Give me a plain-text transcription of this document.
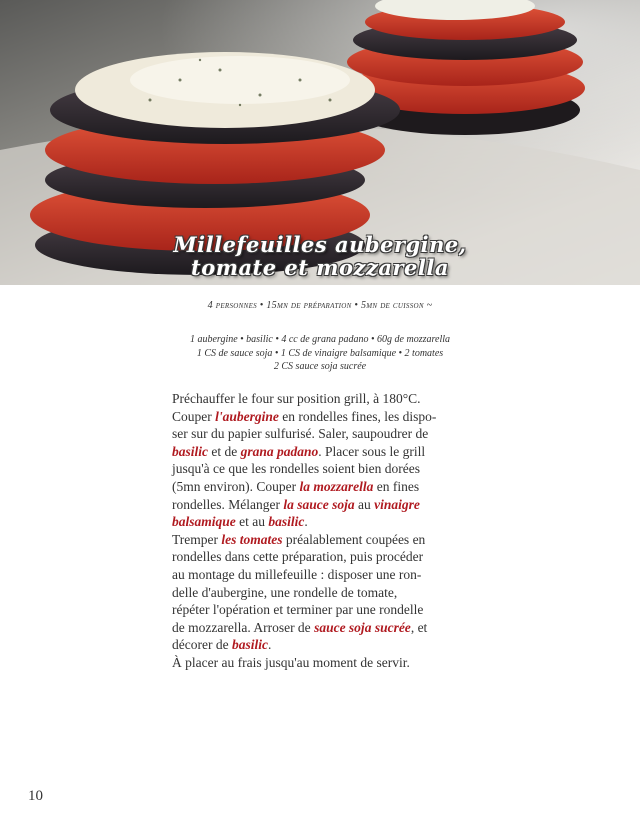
Millefeuilles aubergine,
tomate et mozzarella
4 personnes • 15mn de préparation • 5mn de cuisson ~
1 aubergine • basilic • 4 cc de grana padano • 60g de mozzarella
1 CS de sauce soja • 1 CS de vinaigre balsamique • 2 tomates
2 CS sauce soja sucrée
Préchauffer le four sur position grill, à 180°C.
Couper l'aubergine en rondelles fines, les dispo-
ser sur du papier sulfurisé. Saler, saupoudrer de
basilic et de grana padano. Placer sous le grill
jusqu'à ce que les rondelles soient bien dorées
(5mn environ). Couper la mozzarella en fines
rondelles. Mélanger la sauce soja au vinaigre
balsamique et au basilic.
Tremper les tomates préalablement coupées en
rondelles dans cette préparation, puis procéder
au montage du millefeuille : disposer une ron-
delle d'aubergine, une rondelle de tomate,
répéter l'opération et terminer par une rondelle
de mozzarella. Arroser de sauce soja sucrée, et
décorer de basilic.
À placer au frais jusqu'au moment de servir.
10
